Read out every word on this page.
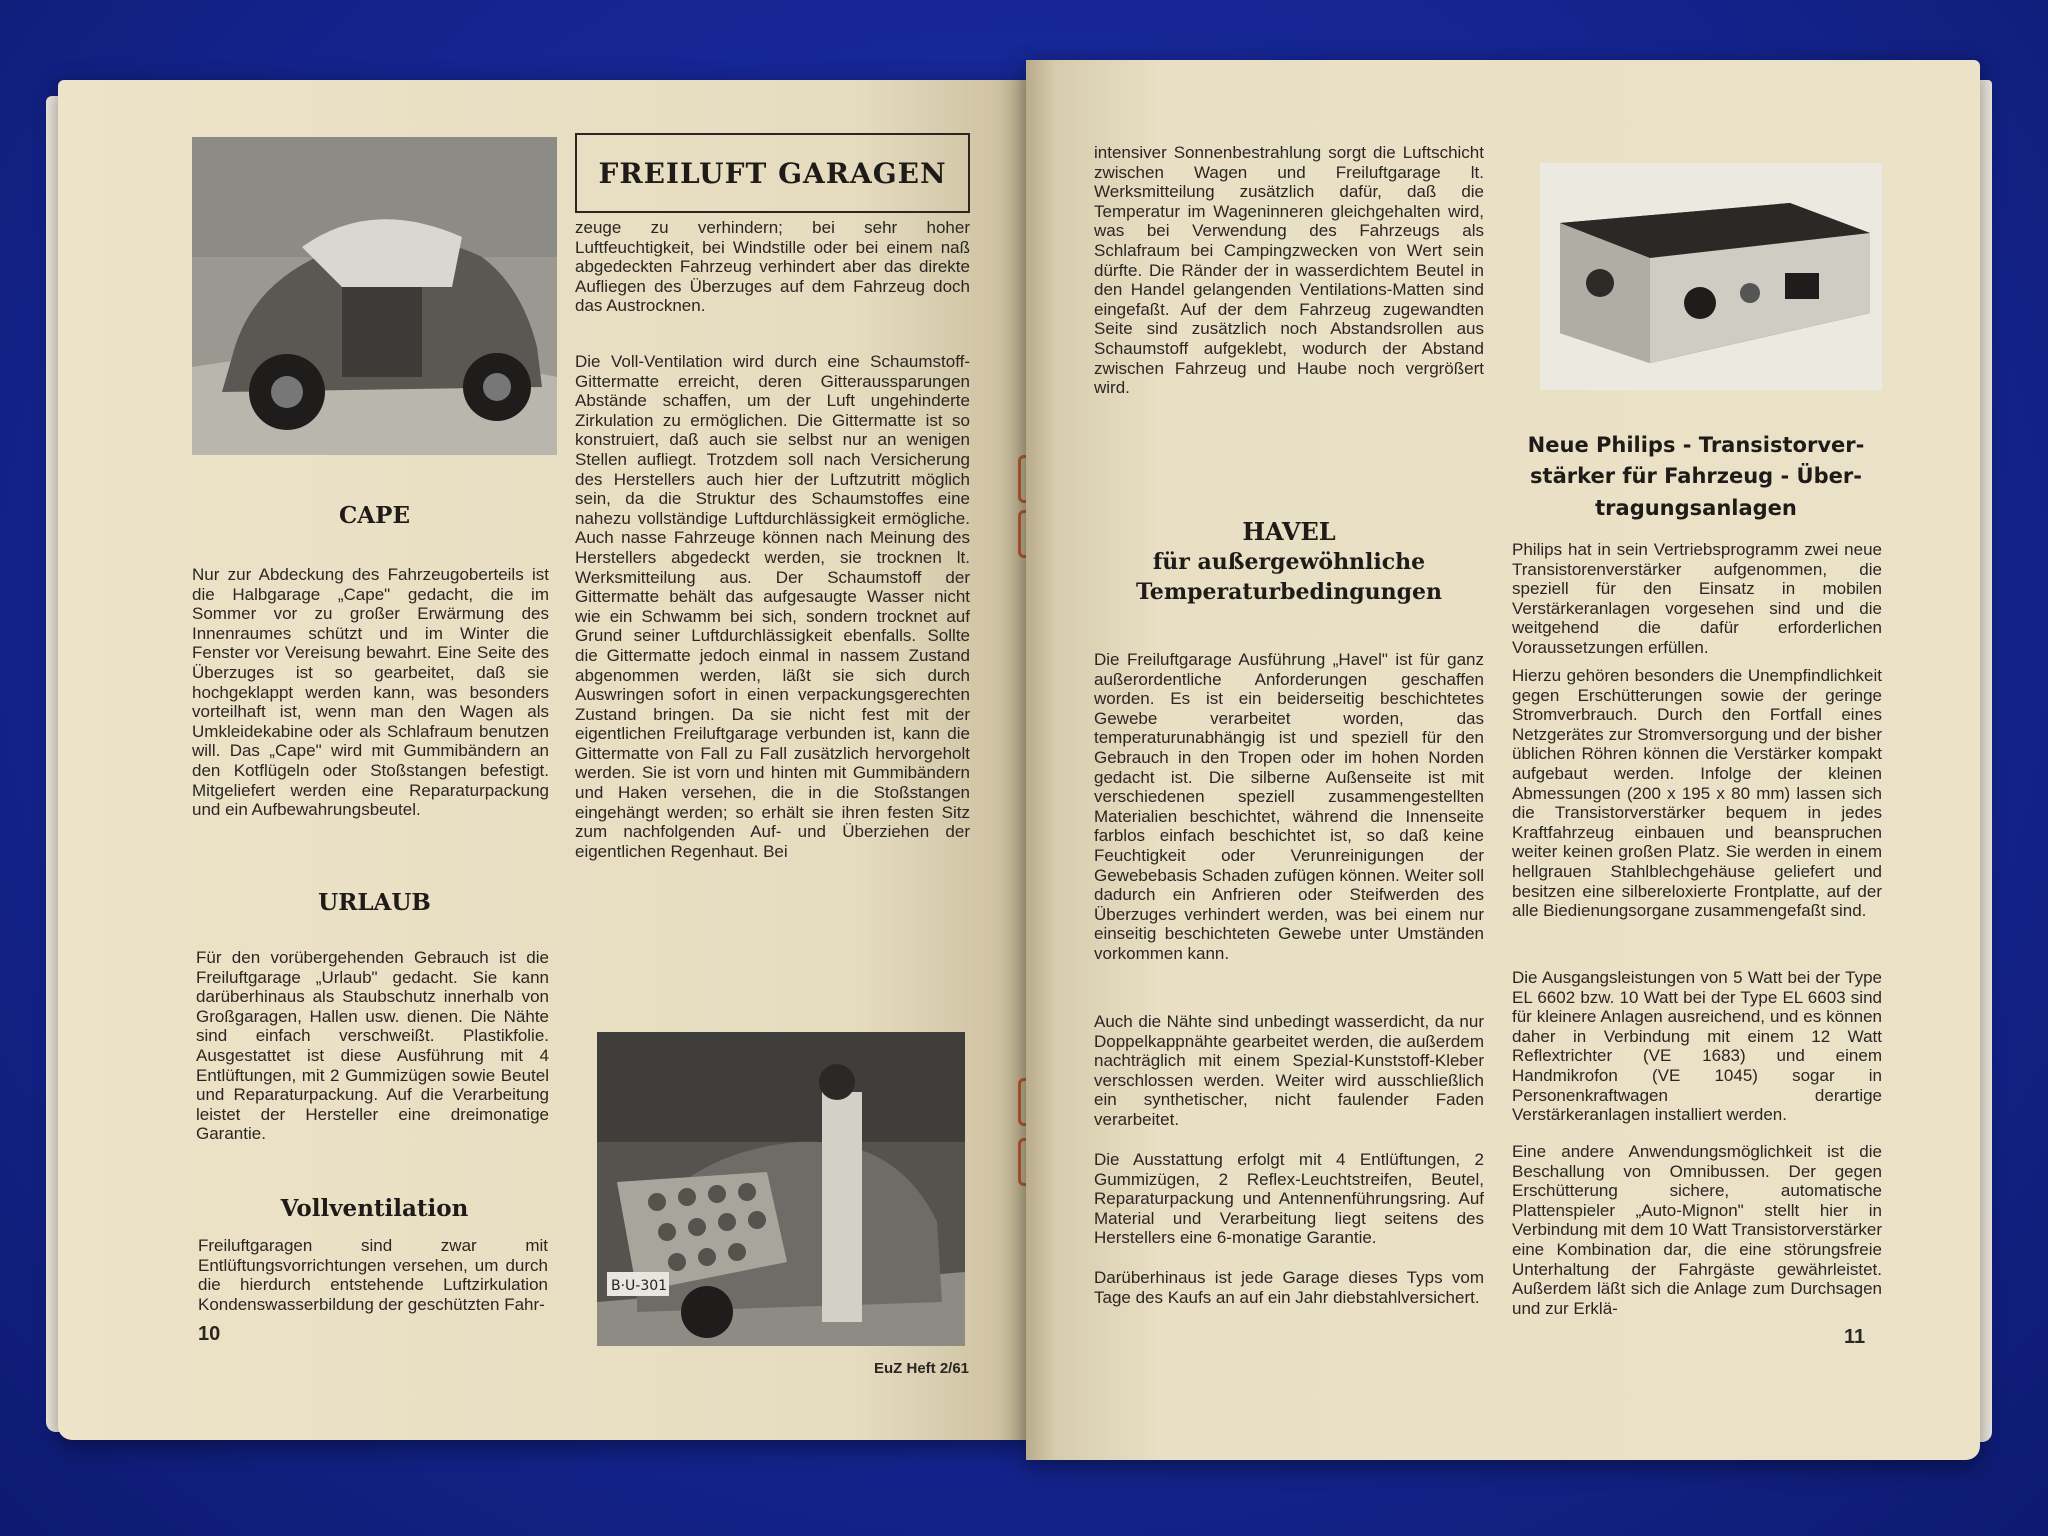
FREILUFT GARAGEN

CAPE

Nur zur Abdeckung des Fahrzeugoberteils ist die Halbgarage „Cape" gedacht, die im Sommer vor zu großer Erwärmung des Innenraumes schützt und im Winter die Fenster vor Vereisung bewahrt. Eine Seite des Überzuges ist so gearbeitet, daß sie hochgeklappt werden kann, was besonders vorteilhaft ist, wenn man den Wagen als Umkleidekabine oder als Schlafraum benutzen will. Das „Cape" wird mit Gummibändern an den Kotflügeln oder Stoßstangen befestigt. Mitgeliefert werden eine Reparaturpackung und ein Aufbewahrungsbeutel.

URLAUB

Für den vorübergehenden Gebrauch ist die Freiluftgarage „Urlaub" gedacht. Sie kann darüberhinaus als Staubschutz innerhalb von Großgaragen, Hallen usw. dienen. Die Nähte sind einfach verschweißt. Plastikfolie. Ausgestattet ist diese Ausführung mit 4 Entlüftungen, mit 2 Gummizügen sowie Beutel und Reparaturpackung. Auf die Verarbeitung leistet der Hersteller eine dreimonatige Garantie.

Vollventilation

Freiluftgaragen sind zwar mit Entlüftungsvorrichtungen versehen, um durch die hierdurch entstehende Luftzirkulation Kondenswasserbildung der geschützten Fahr-

zeuge zu verhindern; bei sehr hoher Luftfeuchtigkeit, bei Windstille oder bei einem naß abgedeckten Fahrzeug verhindert aber das direkte Aufliegen des Überzuges auf dem Fahrzeug doch das Austrocknen.

Die Voll-Ventilation wird durch eine Schaumstoff-Gittermatte erreicht, deren Gitteraussparungen Abstände schaffen, um der Luft ungehinderte Zirkulation zu ermöglichen. Die Gittermatte ist so konstruiert, daß auch sie selbst nur an wenigen Stellen aufliegt. Trotzdem soll nach Versicherung des Herstellers auch hier der Luftzutritt möglich sein, da die Struktur des Schaumstoffes eine nahezu vollständige Luftdurchlässigkeit ermögliche. Auch nasse Fahrzeuge können nach Meinung des Herstellers abgedeckt werden, sie trocknen lt. Werksmitteilung aus. Der Schaumstoff der Gittermatte behält das aufgesaugte Wasser nicht wie ein Schwamm bei sich, sondern trocknet auf Grund seiner Luftdurchlässigkeit ebenfalls. Sollte die Gittermatte jedoch einmal in nassem Zustand abgenommen werden, läßt sie sich durch Auswringen sofort in einen verpackungsgerechten Zustand bringen. Da sie nicht fest mit der eigentlichen Freiluftgarage verbunden ist, kann die Gittermatte von Fall zu Fall zusätzlich hervorgeholt werden. Sie ist vorn und hinten mit Gummibändern und Haken versehen, die in die Stoßstangen eingehängt werden; so erhält sie ihren festen Sitz zum nachfolgenden Auf- und Überziehen der eigentlichen Regenhaut. Bei

B·U-301
10
EuZ Heft 2/61

intensiver Sonnenbestrahlung sorgt die Luftschicht zwischen Wagen und Freiluftgarage lt. Werksmitteilung zusätzlich dafür, daß die Temperatur im Wageninneren gleichgehalten wird, was bei Verwendung des Fahrzeugs als Schlafraum bei Campingzwecken von Wert sein dürfte. Die Ränder der in wasserdichtem Beutel in den Handel gelangenden Ventilations-Matten sind eingefaßt. Auf der dem Fahrzeug zugewandten Seite sind zusätzlich noch Abstandsrollen aus Schaumstoff aufgeklebt, wodurch der Abstand zwischen Fahrzeug und Haube noch vergrößert wird.

HAVEL

für außergewöhnliche

Temperaturbedingungen

Die Freiluftgarage Ausführung „Havel" ist für ganz außerordentliche Anforderungen geschaffen worden. Es ist ein beiderseitig beschichtetes Gewebe verarbeitet worden, das temperaturunabhängig ist und speziell für den Gebrauch in den Tropen oder im hohen Norden gedacht ist. Die silberne Außenseite ist mit verschiedenen speziell zusammengestellten Materialien beschichtet, während die Innenseite farblos einfach beschichtet ist, so daß keine Feuchtigkeit oder Verunreinigungen der Gewebebasis Schaden zufügen können. Weiter soll dadurch ein Anfrieren oder Steifwerden des Überzuges verhindert werden, was bei einem nur einseitig beschichteten Gewebe unter Umständen vorkommen kann.

Auch die Nähte sind unbedingt wasserdicht, da nur Doppelkappnähte gearbeitet werden, die außerdem nachträglich mit einem Spezial-Kunststoff-Kleber verschlossen werden. Weiter wird ausschließlich ein synthetischer, nicht faulender Faden verarbeitet.

Die Ausstattung erfolgt mit 4 Entlüftungen, 2 Gummizügen, 2 Reflex-Leuchtstreifen, Beutel, Reparaturpackung und Antennenführungsring. Auf Material und Verarbeitung liegt seitens des Herstellers eine 6-monatige Garantie.

Darüberhinaus ist jede Garage dieses Typs vom Tage des Kaufs an auf ein Jahr diebstahlversichert.

Neue Philips - Transistorver-

stärker für Fahrzeug - Über-

tragungsanlagen

Philips hat in sein Vertriebsprogramm zwei neue Transistorenverstärker aufgenommen, die speziell für den Einsatz in mobilen Verstärkeranlagen vorgesehen sind und die weitgehend die dafür erforderlichen Voraussetzungen erfüllen.

Hierzu gehören besonders die Unempfindlichkeit gegen Erschütterungen sowie der geringe Stromverbrauch. Durch den Fortfall eines Netzgerätes zur Stromversorgung und der bisher üblichen Röhren können die Verstärker kompakt aufgebaut werden. Infolge der kleinen Abmessungen (200 x 195 x 80 mm) lassen sich die Transistorverstärker bequem in jedes Kraftfahrzeug einbauen und beanspruchen weiter keinen großen Platz. Sie werden in einem hellgrauen Stahlblechgehäuse geliefert und besitzen eine silbereloxierte Frontplatte, auf der alle Biedienungsorgane zusammengefaßt sind.

Die Ausgangsleistungen von 5 Watt bei der Type EL 6602 bzw. 10 Watt bei der Type EL 6603 sind für kleinere Anlagen ausreichend, und es können daher in Verbindung mit einem 12 Watt Reflextrichter (VE 1683) und einem Handmikrofon (VE 1045) sogar in Personenkraftwagen derartige Verstärkeranlagen installiert werden.

Eine andere Anwendungsmöglichkeit ist die Beschallung von Omnibussen. Der gegen Erschütterung sichere, automatische Plattenspieler „Auto-Mignon" stellt hier in Verbindung mit dem 10 Watt Transistorverstärker eine Kombination dar, die eine störungsfreie Unterhaltung der Fahrgäste gewährleistet. Außerdem läßt sich die Anlage zum Durchsagen und zur Erklä-

11
